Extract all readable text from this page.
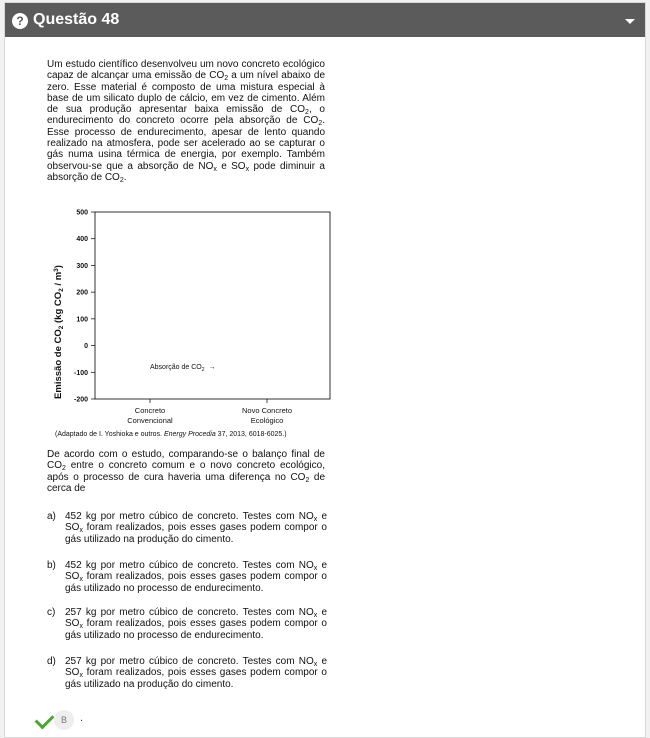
? Questão 48

Um estudo científico desenvolveu um novo concreto ecológico capaz de alcançar uma emissão de $CO_2$ a um nível abaixo de zero. Esse material é composto de uma mistura especial à base de um silicato duplo de cálcio, em vez de cimento. Além de sua produção apresentar baixa emissão de $CO_2$, o endurecimento do concreto ocorre pela absorção de $CO_2$. Esse processo de endurecimento, apesar de lento quando realizado na atmosfera, pode ser acelerado ao se capturar o gás numa usina térmica de energia, por exemplo. Também observou-se que a absorção de $NO_x$ e $SO_x$ pode diminuir a absorção de $CO_2$.

-200
-100
0
100
200
300
400
500
Concreto
Convencional
Novo Concreto
Ecológico
Emissão de $CO_2$ (kg $CO_2 / m^3$)
Absorção de $CO_2$ →
(Adaptado de I. Yoshioka e outros. Energy Procedia 37, 2013, 6018-6025.)
De acordo com o estudo, comparando-se o balanço final de $CO_2$ entre o concreto comum e o novo concreto ecológico, após o processo de cura haveria uma diferença no $CO_2$ de cerca de
a) 452 kg por metro cúbico de concreto. Testes com $NO_x$ e $SO_x$ foram realizados, pois esses gases podem compor o gás utilizado na produção do cimento.
b) 452 kg por metro cúbico de concreto. Testes com $NO_x$ e $SO_x$ foram realizados, pois esses gases podem compor o gás utilizado no processo de endurecimento.
c) 257 kg por metro cúbico de concreto. Testes com $NO_x$ e $SO_x$ foram realizados, pois esses gases podem compor o gás utilizado no processo de endurecimento.
d) 257 kg por metro cúbico de concreto. Testes com $NO_x$ e $SO_x$ foram realizados, pois esses gases podem compor o gás utilizado na produção do cimento.
B	.
